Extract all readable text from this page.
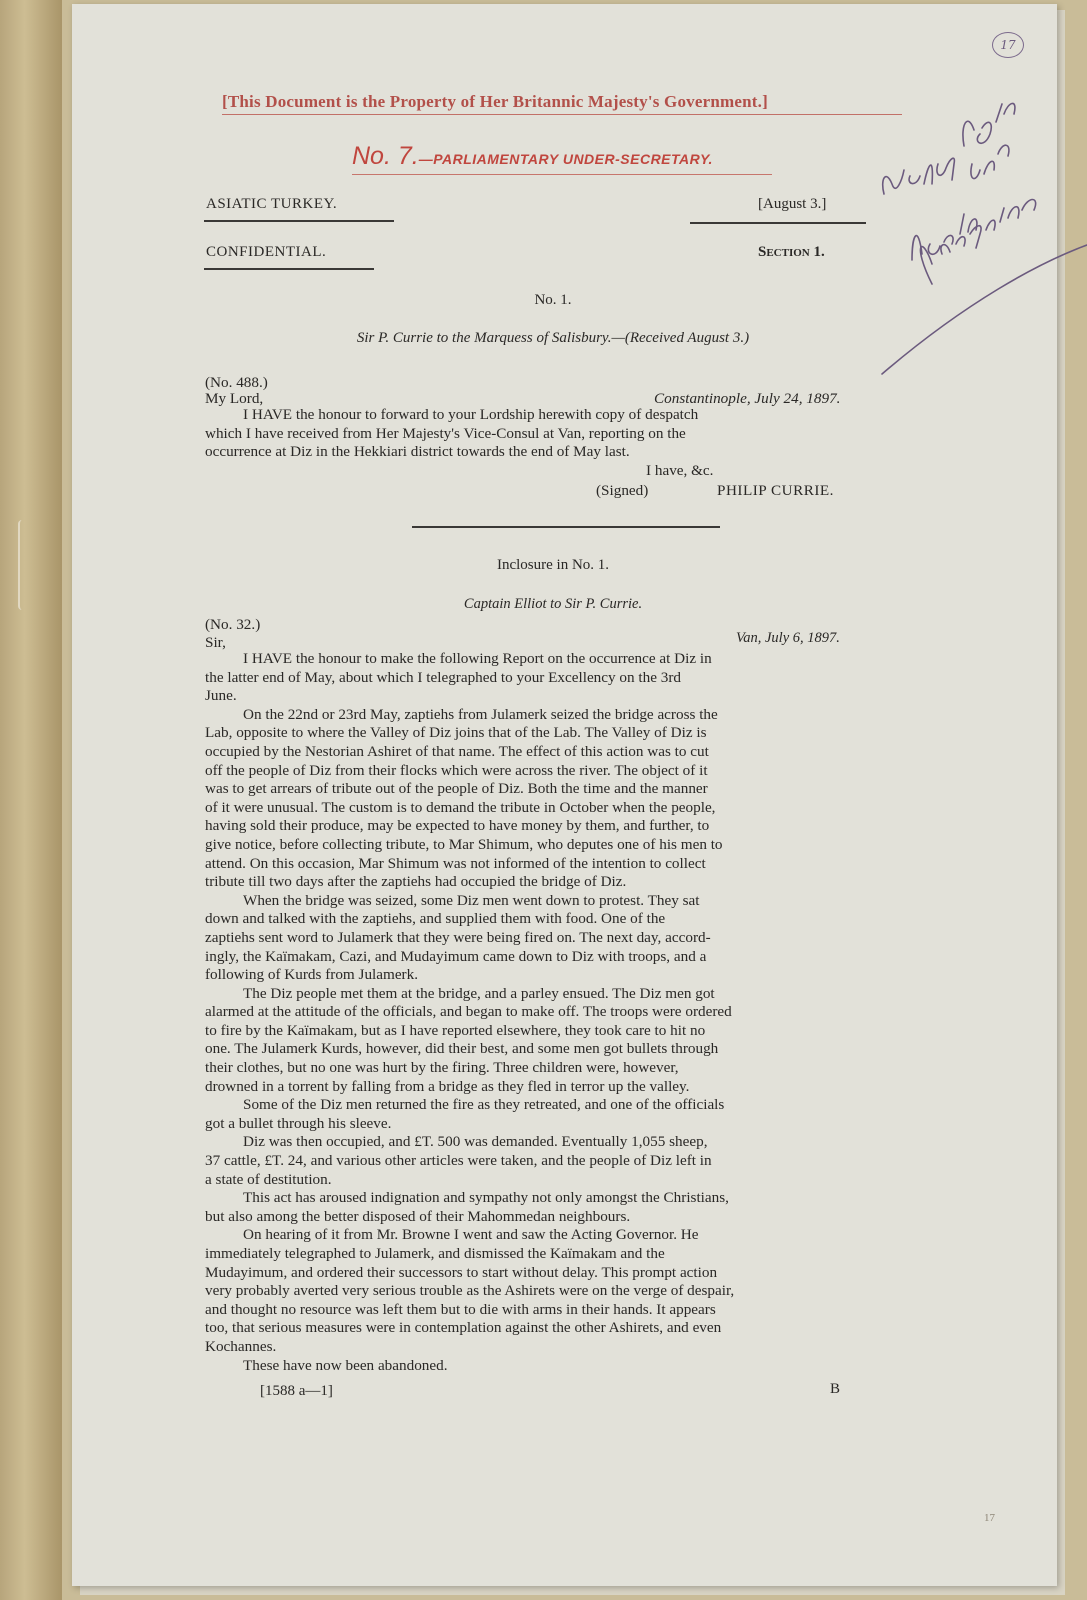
17
[This Document is the Property of Her Britannic Majesty's Government.]
No. 7.—PARLIAMENTARY UNDER-SECRETARY.
ASIATIC TURKEY.	[August 3.]
CONFIDENTIAL.	Section 1.
No. 1.
Sir P. Currie to the Marquess of Salisbury.—(Received August 3.)
(No. 488.)
My Lord,	Constantinople, July 24, 1897.
I HAVE the honour to forward to your Lordship herewith copy of despatch
which I have received from Her Majesty's Vice-Consul at Van, reporting on the
occurrence at Diz in the Hekkiari district towards the end of May last.
I have, &c.
(Signed)	PHILIP CURRIE.
Inclosure in No. 1.
Captain Elliot to Sir P. Currie.
(No. 32.)
Sir,	Van, July 6, 1897.
I HAVE the honour to make the following Report on the occurrence at Diz in
the latter end of May, about which I telegraphed to your Excellency on the 3rd
June.
On the 22nd or 23rd May, zaptiehs from Julamerk seized the bridge across the
Lab, opposite to where the Valley of Diz joins that of the Lab. The Valley of Diz is
occupied by the Nestorian Ashiret of that name. The effect of this action was to cut
off the people of Diz from their flocks which were across the river. The object of it
was to get arrears of tribute out of the people of Diz. Both the time and the manner
of it were unusual. The custom is to demand the tribute in October when the people,
having sold their produce, may be expected to have money by them, and further, to
give notice, before collecting tribute, to Mar Shimum, who deputes one of his men to
attend. On this occasion, Mar Shimum was not informed of the intention to collect
tribute till two days after the zaptiehs had occupied the bridge of Diz.
When the bridge was seized, some Diz men went down to protest. They sat
down and talked with the zaptiehs, and supplied them with food. One of the
zaptiehs sent word to Julamerk that they were being fired on. The next day, accord-
ingly, the Kaïmakam, Cazi, and Mudayimum came down to Diz with troops, and a
following of Kurds from Julamerk.
The Diz people met them at the bridge, and a parley ensued. The Diz men got
alarmed at the attitude of the officials, and began to make off. The troops were ordered
to fire by the Kaïmakam, but as I have reported elsewhere, they took care to hit no
one. The Julamerk Kurds, however, did their best, and some men got bullets through
their clothes, but no one was hurt by the firing. Three children were, however,
drowned in a torrent by falling from a bridge as they fled in terror up the valley.
Some of the Diz men returned the fire as they retreated, and one of the officials
got a bullet through his sleeve.
Diz was then occupied, and £T. 500 was demanded. Eventually 1,055 sheep,
37 cattle, £T. 24, and various other articles were taken, and the people of Diz left in
a state of destitution.
This act has aroused indignation and sympathy not only amongst the Christians,
but also among the better disposed of their Mahommedan neighbours.
On hearing of it from Mr. Browne I went and saw the Acting Governor. He
immediately telegraphed to Julamerk, and dismissed the Kaïmakam and the
Mudayimum, and ordered their successors to start without delay. This prompt action
very probably averted very serious trouble as the Ashirets were on the verge of despair,
and thought no resource was left them but to die with arms in their hands. It appears
too, that serious measures were in contemplation against the other Ashirets, and even
Kochannes.
These have now been abandoned.
[1588 a—1]	B
17
